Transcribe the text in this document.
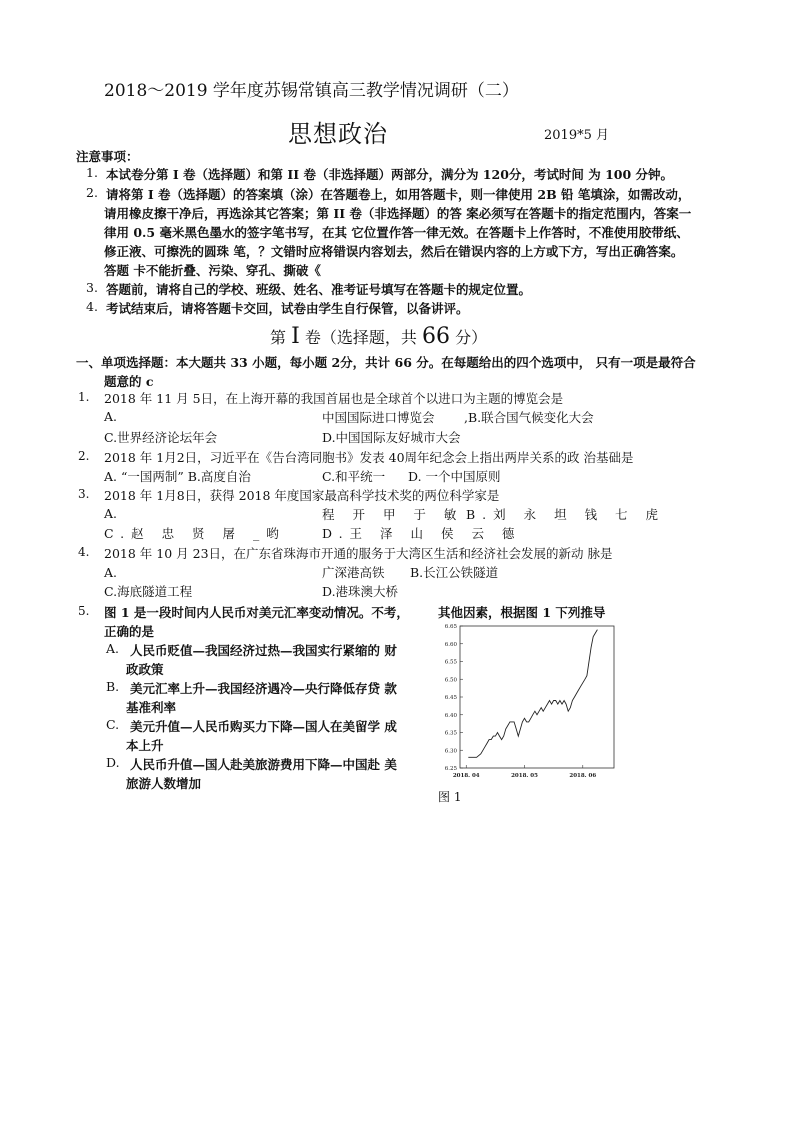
2018～2019 学年度苏锡常镇高三教学情况调研（二）
思想政治	2019*5 月
注意事项：
1. 本试卷分第 I 卷（选择题）和第 II 卷（非选择题）两部分，满分为 120分，考试时间 为 100 分钟。
2. 请将第 I 卷（选择题）的答案填（涂）在答题卷上，如用答题卡，则一律使用 2B 铅 笔填涂，如需改动，
请用橡皮擦干净后，再选涂其它答案；第 II 卷（非选择题）的答 案必须写在答题卡的指定范围内，答案一
律用 0.5 毫米黑色墨水的签字笔书写，在其 它位置作答一律无效。在答题卡上作答时，不准使用胶带纸、
修正液、可擦洗的圆珠 笔，？文错时应将错误内容划去，然后在错误内容的上方或下方，写出正确答案。
答题 卡不能折叠、污染、穿孔、撕破《
3. 答题前，请将自己的学校、班级、姓名、准考证号填写在答题卡的规定位置。
4. 考试结束后，请将答题卡交回，试卷由学生自行保管，以备讲评。
第 I 卷（选择题，共 66 分）
一、单项选择题：本大题共 33 小题，每小题 2分，共计 66 分。在每题给出的四个选项中， 只有一项是最符合
题意的 c
1. 2018 年 11 月 5日，在上海开幕的我国首届也是全球首个以进口为主题的博览会是
A.	中国国际进口博览会 ,B.联合国气候变化大会
C.世界经济论坛年会	D.中国国际友好城市大会
2. 2018 年 1月2日，习近平在《告台湾同胞书》发表 40周年纪念会上指出两岸关系的政 治基础是
A. “一国两制” B.高度自治	C.和平统一 D. 一个中国原则
3. 2018 年 1月8日，获得 2018 年度国家最高科学技术奖的两位科学家是
A.	程 开 甲 于 敏 B.刘 永 坦 钱 七 虎
C.赵 忠 贤 屠 _哟	D.王 泽 山 侯 云 德
4. 2018 年 10 月 23日，在广东省珠海市开通的服务于大湾区生活和经济社会发展的新动 脉是
A.	广深港高铁 B.长江公铁隧道
C.海底隧道工程	D.港珠澳大桥
5. 图 1 是一段时间内人民币对美元汇率变动情况。不考， 其他因素，根据图 1 下列推导
正确的是
A. 人民币贬值—我国经济过热—我国实行紧缩的 财
政政策
B. 美元汇率上升—我国经济遇冷—央行降低存贷 款
基准利率
C. 美元升值—人民币购买力下降—国人在美留学 成
本上升
D. 人民币升值—国人赴美旅游费用下降—中国赴 美
旅游人数增加
6.25
6.30
6.35
6.40
6.45
6.50
6.55
6.60
6.65
2018. 04	2018. 05	2018. 06
图 1
